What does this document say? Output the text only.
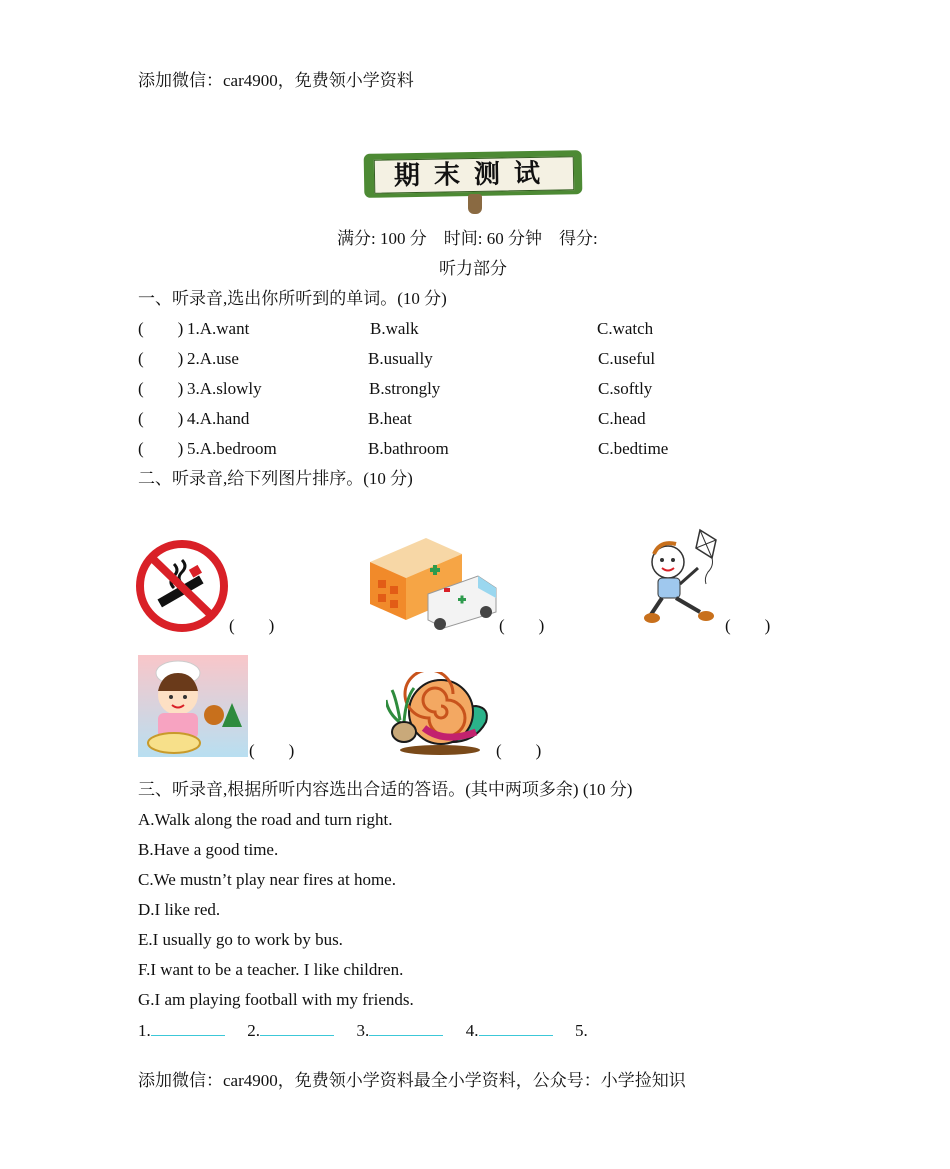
添加微信：car4900，免费领小学资料
期末测试
满分: 100 分    时间: 60 分钟    得分:
听力部分
一、听录音,选出你所听到的单词。(10 分)
(        ) 1.A.want	B.walk	C.watch
(        ) 2.A.use	B.usually	C.useful
(        ) 3.A.slowly	B.strongly	C.softly
(        ) 4.A.hand	B.heat	C.head
(        ) 5.A.bedroom	B.bathroom	C.bedtime
二、听录音,给下列图片排序。(10 分)
(        )	(        )	(        )
(        )	(        )
三、听录音,根据所听内容选出合适的答语。(其中两项多余) (10 分)
A.Walk along the road and turn right.
B.Have a good time.
C.We mustn’t play near fires at home.
D.I like red.
E.I usually go to work by bus.
F.I want to be a teacher. I like children.
G.I am playing football with my friends.
1.	2.	3.	4.	5.
添加微信：car4900，免费领小学资料最全小学资料，公众号：小学捡知识
